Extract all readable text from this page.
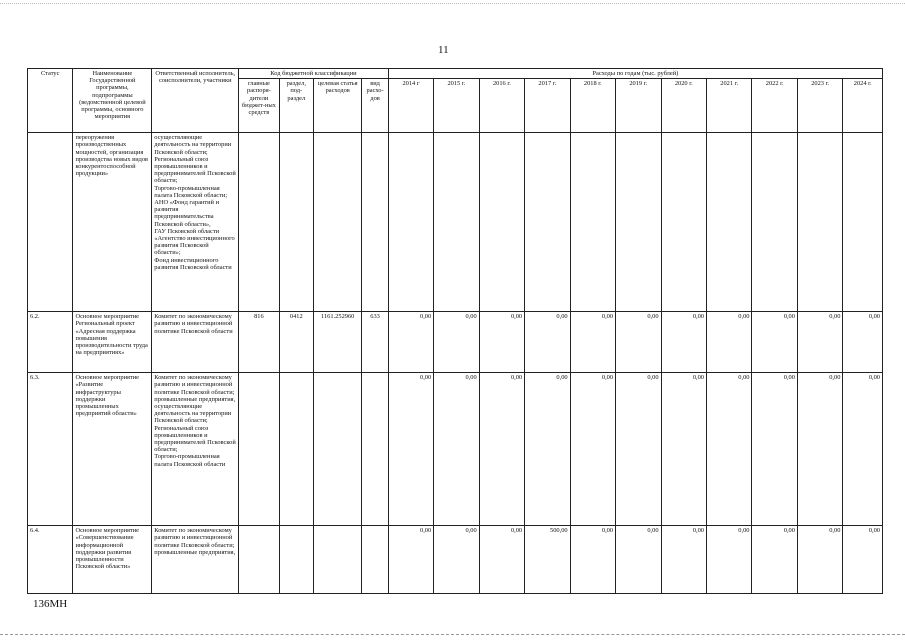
11
Статус	Наименование Государственной программы, подпрограммы (ведомственной целевой программы, основного мероприятия	Ответственный исполнитель, соисполнители, участники	Код бюджетной классификации				Расходы по годам (тыс. рублей)										
			главные распоря-дители бюджет-ных средств	раздел, под-раздел	целевая статья расходов	вид расхо-дов	2014 г	2015 г.	2016 г.	2017 г.	2018 г.	2019 г.	2020 г.	2021 г.	2022 г.	2023 г.	2024 г.
	переоружения производственных мощностей, организация производства новых видов конкурентоспособной продукции»	осуществляющие деятельность на территории Псковской области;
Региональный союз промышленников и предпринимателей Псковской области;
Торгово-промышленная палата Псковской области; АНО «Фонд гарантий и развития предпринимательства Псковской области»,
ГАУ Псковской области «Агентство инвестиционного развития Псковской области»;
Фонд инвестиционного развития Псковской области															
6.2.	Основное мероприятие Региональный проект «Адресная поддержка повышения производительности труда на предприятиях»	Комитет по экономическому развитию и инвестиционной политике Псковской области	816	0412	1161.252960	633	0,00	0,00	0,00	0,00	0,00	0,00	0,00	0,00	0,00	0,00	0,00
6.3.	Основное мероприятие «Развитие инфраструктуры поддержки промышленных предприятий области»	Комитет по экономическому развитию и инвестиционной политике Псковской области;
промышленные предприятия, осуществляющие деятельность на территории Псковской области;
Региональный союз промышленников и предпринимателей Псковской области;
Торгово-промышленная палата Псковской области					0,00	0,00	0,00	0,00	0,00	0,00	0,00	0,00	0,00	0,00	0,00
6.4.	Основное мероприятие «Совершенствование информационной поддержки развития промышленности Псковской области»	Комитет по экономическому развитию и инвестиционной политике Псковской области;
промышленные предприятия,					0,00	0,00	0,00	500,00	0,00	0,00	0,00	0,00	0,00	0,00	0,00
136МН
